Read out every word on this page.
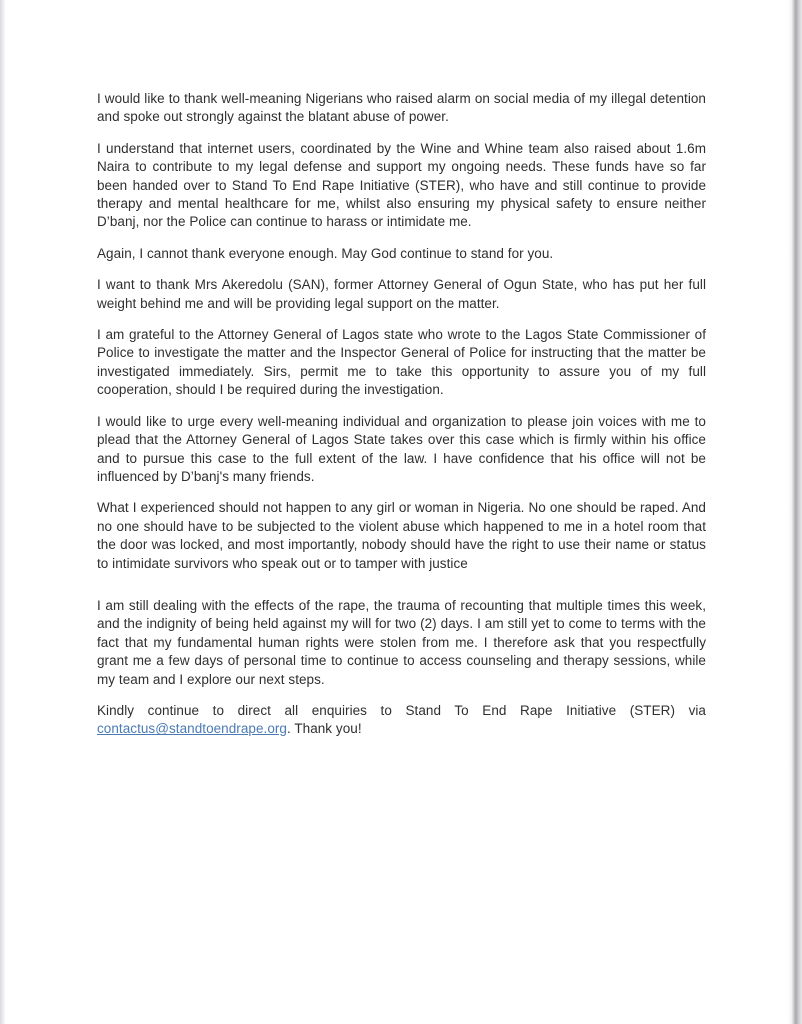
I would like to thank well-meaning Nigerians who raised alarm on social media of my illegal detention and spoke out strongly against the blatant abuse of power.

I understand that internet users, coordinated by the Wine and Whine team also raised about 1.6m Naira to contribute to my legal defense and support my ongoing needs. These funds have so far been handed over to Stand To End Rape Initiative (STER), who have and still continue to provide therapy and mental healthcare for me, whilst also ensuring my physical safety to ensure neither D’banj, nor the Police can continue to harass or intimidate me.

Again, I cannot thank everyone enough. May God continue to stand for you.

I want to thank Mrs Akeredolu (SAN), former Attorney General of Ogun State, who has put her full weight behind me and will be providing legal support on the matter.

I am grateful to the Attorney General of Lagos state who wrote to the Lagos State Commissioner of Police to investigate the matter and the Inspector General of Police for instructing that the matter be investigated immediately. Sirs, permit me to take this opportunity to assure you of my full cooperation, should I be required during the investigation.

I would like to urge every well-meaning individual and organization to please join voices with me to plead that the Attorney General of Lagos State takes over this case which is firmly within his office and to pursue this case to the full extent of the law. I have confidence that his office will not be influenced by D’banj's many friends.

What I experienced should not happen to any girl or woman in Nigeria. No one should be raped. And no one should have to be subjected to the violent abuse which happened to me in a hotel room that the door was locked, and most importantly, nobody should have the right to use their name or status to intimidate survivors who speak out or to tamper with justice

I am still dealing with the effects of the rape, the trauma of recounting that multiple times this week, and the indignity of being held against my will for two (2) days. I am still yet to come to terms with the fact that my fundamental human rights were stolen from me. I therefore ask that you respectfully grant me a few days of personal time to continue to access counseling and therapy sessions, while my team and I explore our next steps.

Kindly continue to direct all enquiries to Stand To End Rape Initiative (STER) via contactus@standtoendrape.org. Thank you!
